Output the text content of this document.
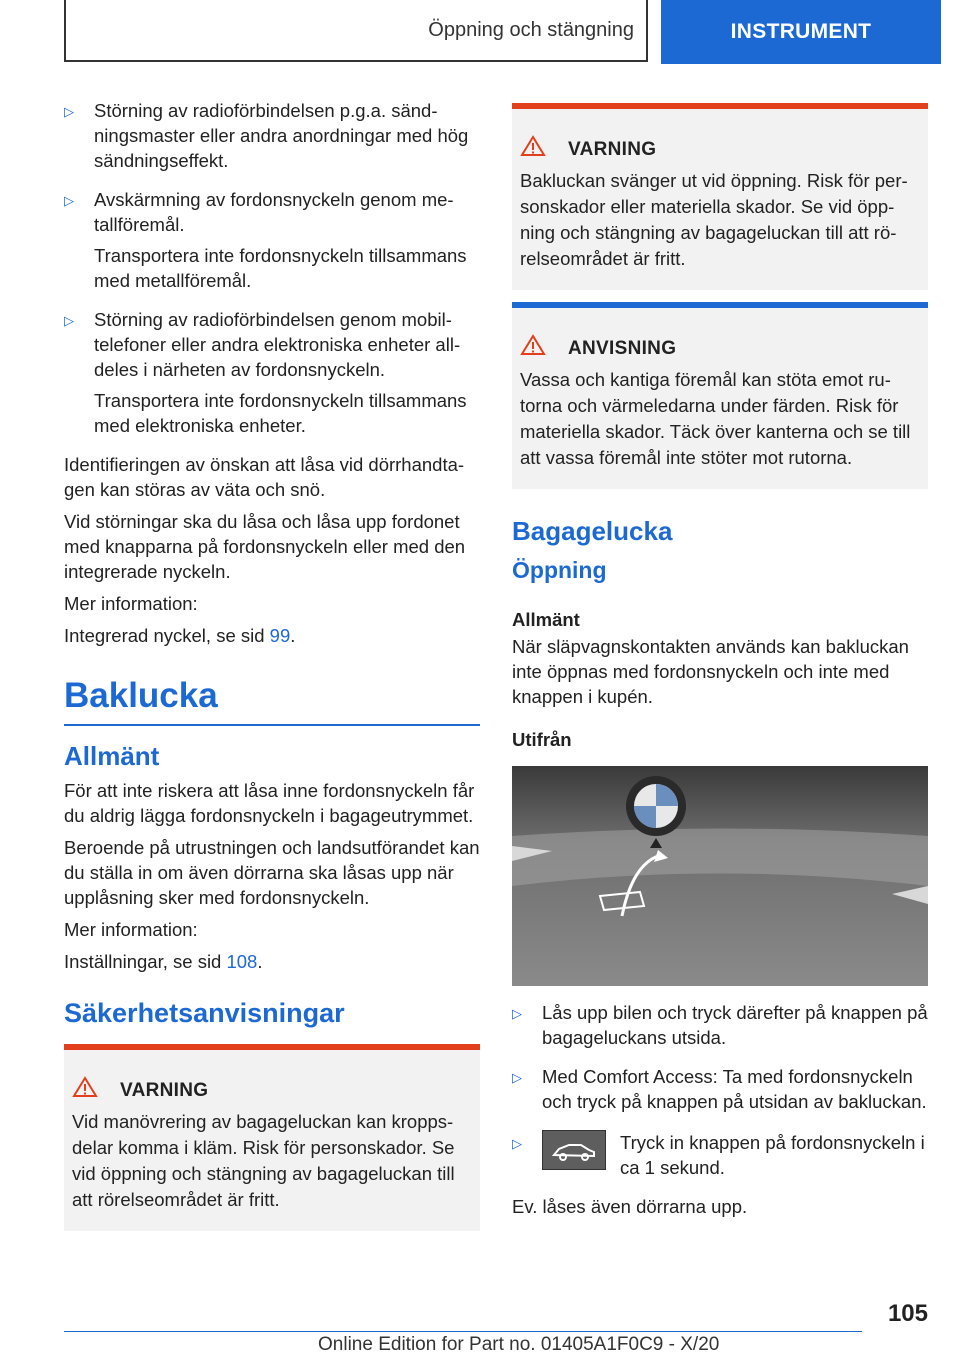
Öppning och stängning	INSTRUMENT
▷	Störning av radioförbindelsen p.g.a. sändningsmaster eller andra anordningar med hög sändningseffekt.

▷	Avskärmning av fordonsnyckeln genom metallföremål.

Transportera inte fordonsnyckeln tillsammans med metallföremål.

▷	Störning av radioförbindelsen genom mobiltelefoner eller andra elektroniska enheter alldeles i närheten av fordonsnyckeln.

Transportera inte fordonsnyckeln tillsammans med elektroniska enheter.

Identifieringen av önskan att låsa vid dörrhandtagen kan störas av väta och snö.

Vid störningar ska du låsa och låsa upp fordonet med knapparna på fordonsnyckeln eller med den integrerade nyckeln.

Mer information:

Integrerad nyckel, se sid 99.

Baklucka
Allmänt

För att inte riskera att låsa inne fordonsnyckeln får du aldrig lägga fordonsnyckeln i bagageutrymmet.

Beroende på utrustningen och landsutförandet kan du ställa in om även dörrarna ska låsas upp när upplåsning sker med fordonsnyckeln.

Mer information:

Inställningar, se sid 108.

Säkerhetsanvisningar
VARNING
Vid manövrering av bagageluckan kan kroppsdelar komma i kläm. Risk för personskador. Se vid öppning och stängning av bagageluckan till att rörelseområdet är fritt.
VARNING
Bakluckan svänger ut vid öppning. Risk för personskador eller materiella skador. Se vid öppning och stängning av bagageluckan till att rörelseområdet är fritt.
ANVISNING
Vassa och kantiga föremål kan stöta emot rutorna och värmeledarna under färden. Risk för materiella skador. Täck över kanterna och se till att vassa föremål inte stöter mot rutorna.
Bagagelucka
Öppning
Allmänt

När släpvagnskontakten används kan bakluckan inte öppnas med fordonsnyckeln och inte med knappen i kupén.

Utifrån
▷	Lås upp bilen och tryck därefter på knappen på bagageluckans utsida.

▷	Med Comfort Access: Ta med fordonsnyckeln och tryck på knappen på utsidan av bakluckan.

▷	Tryck in knappen på fordonsnyckeln i ca 1 sekund.

Ev. låses även dörrarna upp.

105
Online Edition for Part no. 01405A1F0C9 - X/20
